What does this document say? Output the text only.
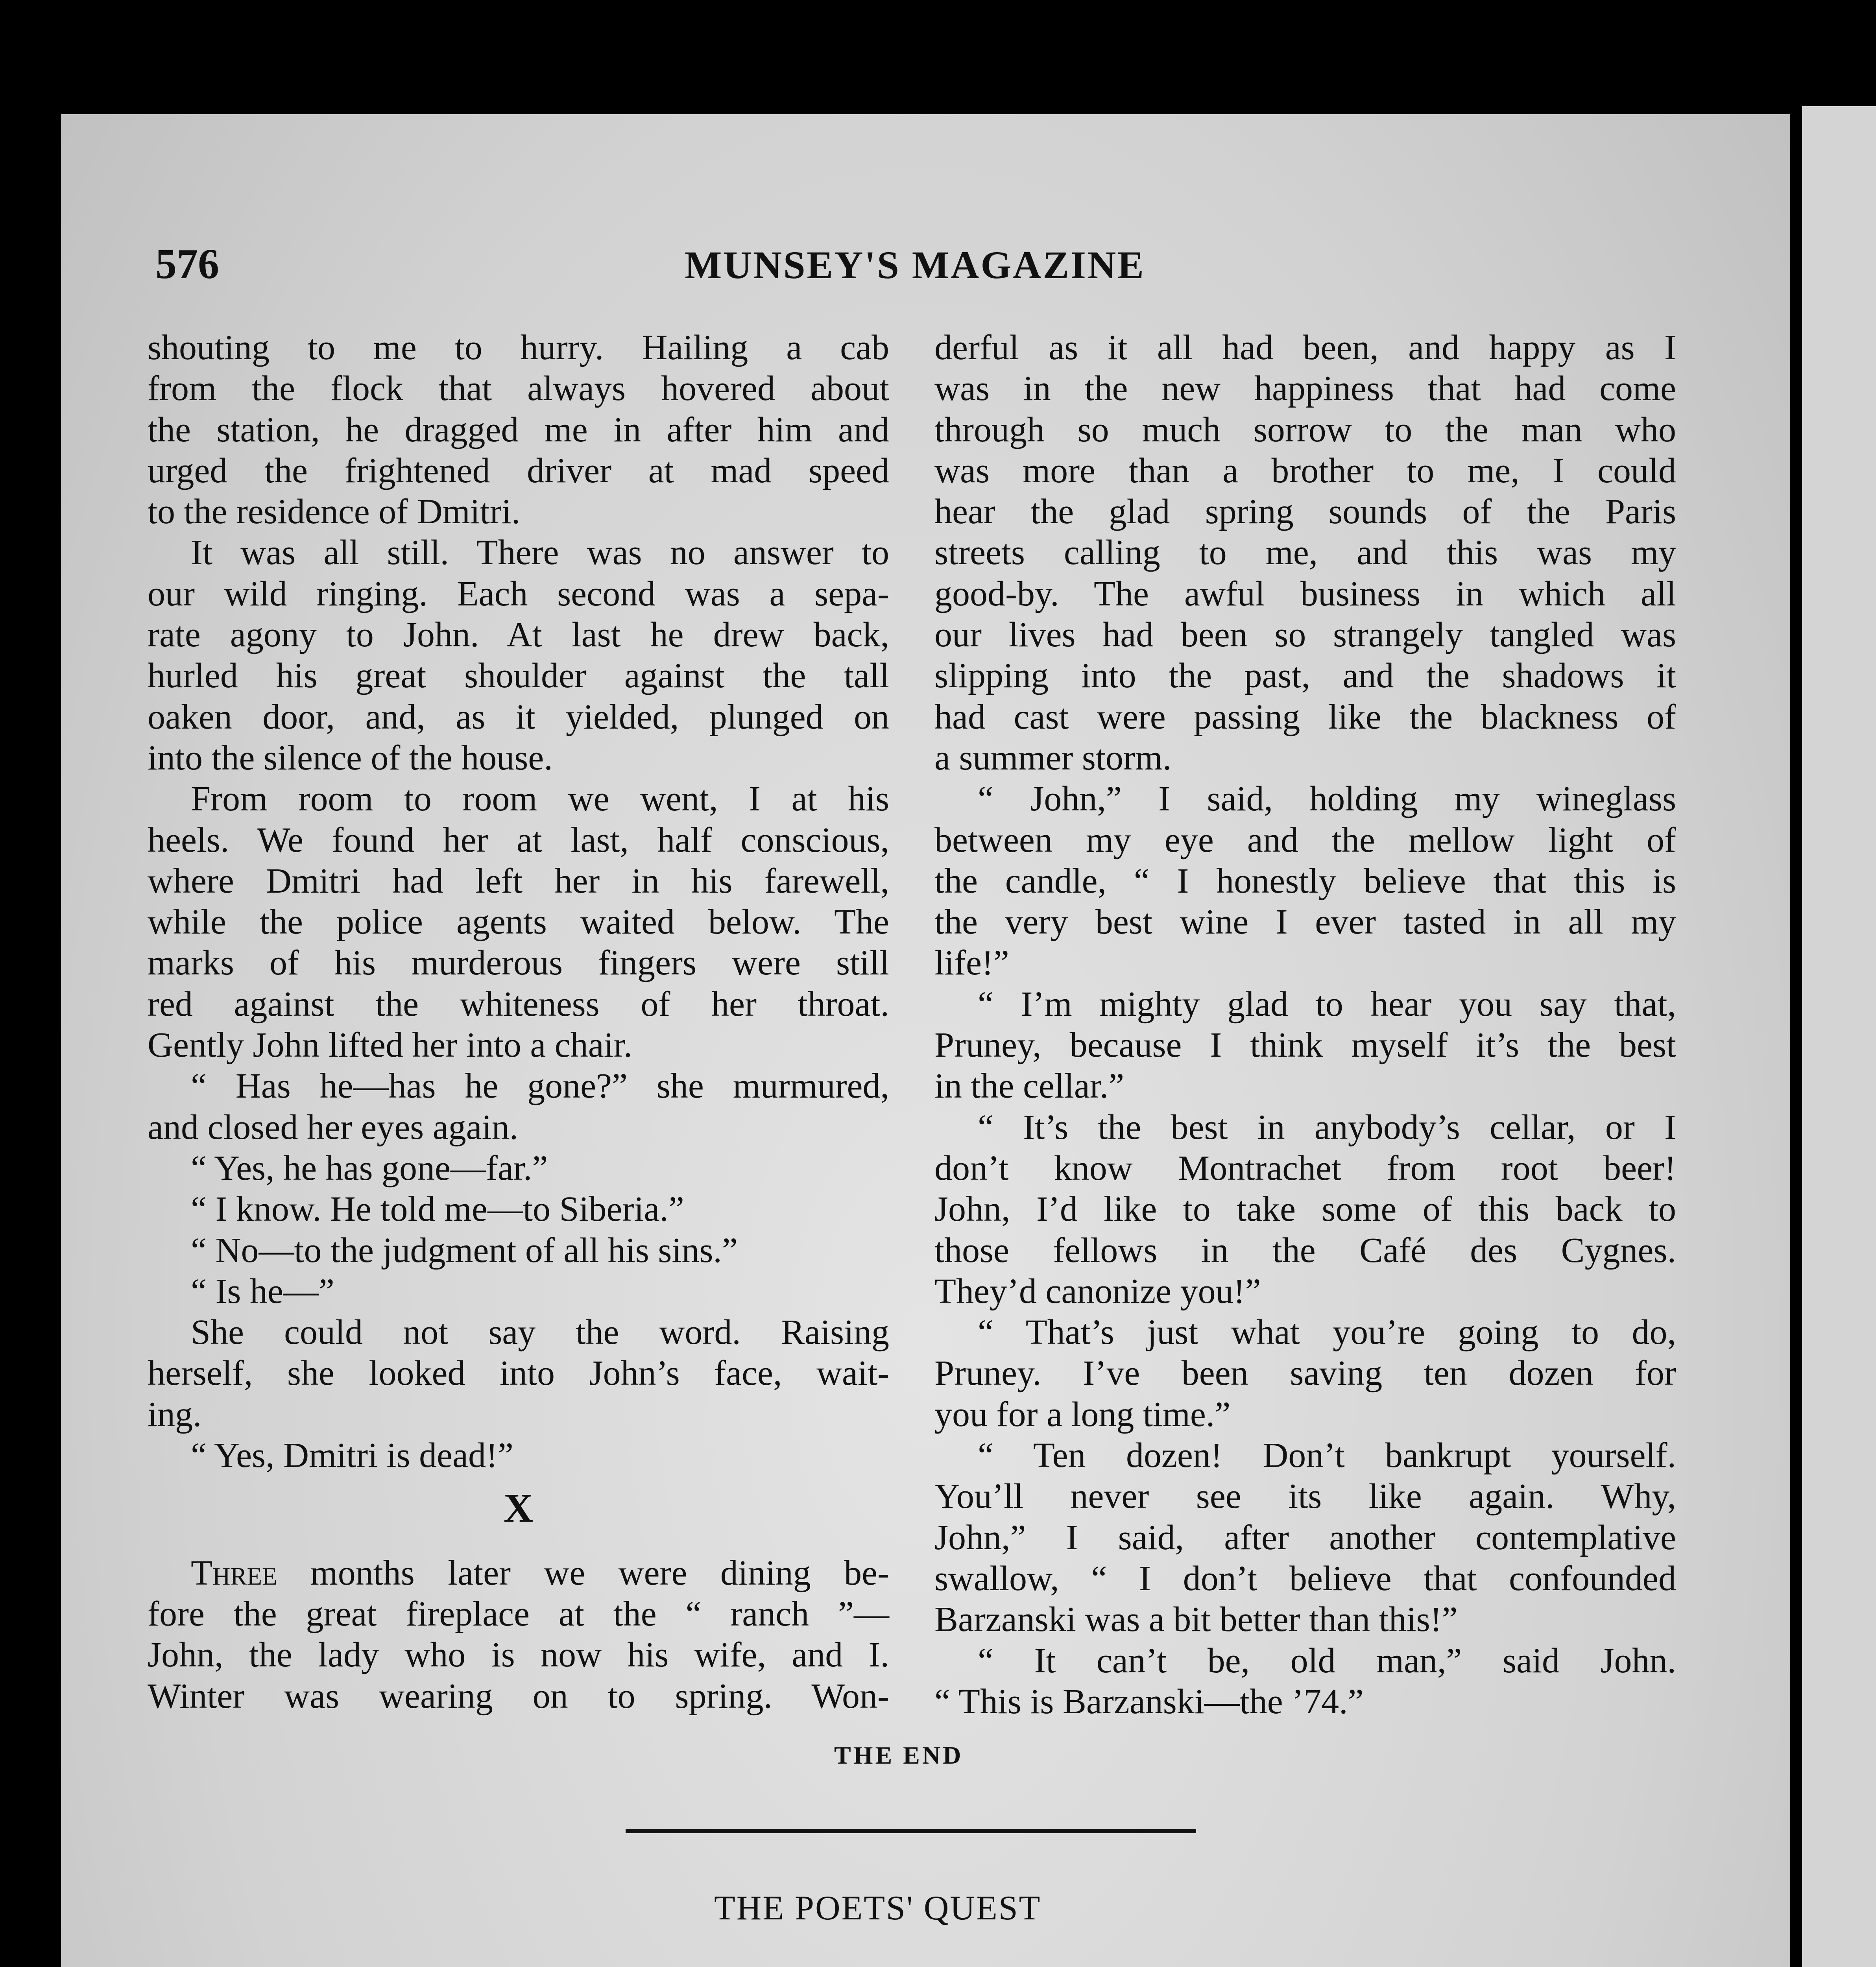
576	MUNSEY'S MAGAZINE

shouting to me to hurry. Hailing a cab

from the flock that always hovered about

the station, he dragged me in after him and

urged the frightened driver at mad speed

to the residence of Dmitri.

It was all still. There was no answer to

our wild ringing. Each second was a sepa-

rate agony to John. At last he drew back,

hurled his great shoulder against the tall

oaken door, and, as it yielded, plunged on

into the silence of the house.

From room to room we went, I at his

heels. We found her at last, half conscious,

where Dmitri had left her in his farewell,

while the police agents waited below. The

marks of his murderous fingers were still

red against the whiteness of her throat.

Gently John lifted her into a chair.

“ Has he—has he gone?” she murmured,

and closed her eyes again.

“ Yes, he has gone—far.”

“ I know. He told me—to Siberia.”

“ No—to the judgment of all his sins.”

“ Is he—”

She could not say the word. Raising

herself, she looked into John’s face, wait-

ing.

“ Yes, Dmitri is dead!”

X

Three months later we were dining be-

fore the great fireplace at the “ ranch ”—

John, the lady who is now his wife, and I.

Winter was wearing on to spring. Won-

derful as it all had been, and happy as I

was in the new happiness that had come

through so much sorrow to the man who

was more than a brother to me, I could

hear the glad spring sounds of the Paris

streets calling to me, and this was my

good-by. The awful business in which all

our lives had been so strangely tangled was

slipping into the past, and the shadows it

had cast were passing like the blackness of

a summer storm.

“ John,” I said, holding my wineglass

between my eye and the mellow light of

the candle, “ I honestly believe that this is

the very best wine I ever tasted in all my

life!”

“ I’m mighty glad to hear you say that,

Pruney, because I think myself it’s the best

in the cellar.”

“ It’s the best in anybody’s cellar, or I

don’t know Montrachet from root beer!

John, I’d like to take some of this back to

those fellows in the Café des Cygnes.

They’d canonize you!”

“ That’s just what you’re going to do,

Pruney. I’ve been saving ten dozen for

you for a long time.”

“ Ten dozen! Don’t bankrupt yourself.

You’ll never see its like again. Why,

John,” I said, after another contemplative

swallow, “ I don’t believe that confounded

Barzanski was a bit better than this!”

“ It can’t be, old man,” said John.

“ This is Barzanski—the ’74.”

THE END
THE POETS' QUEST
